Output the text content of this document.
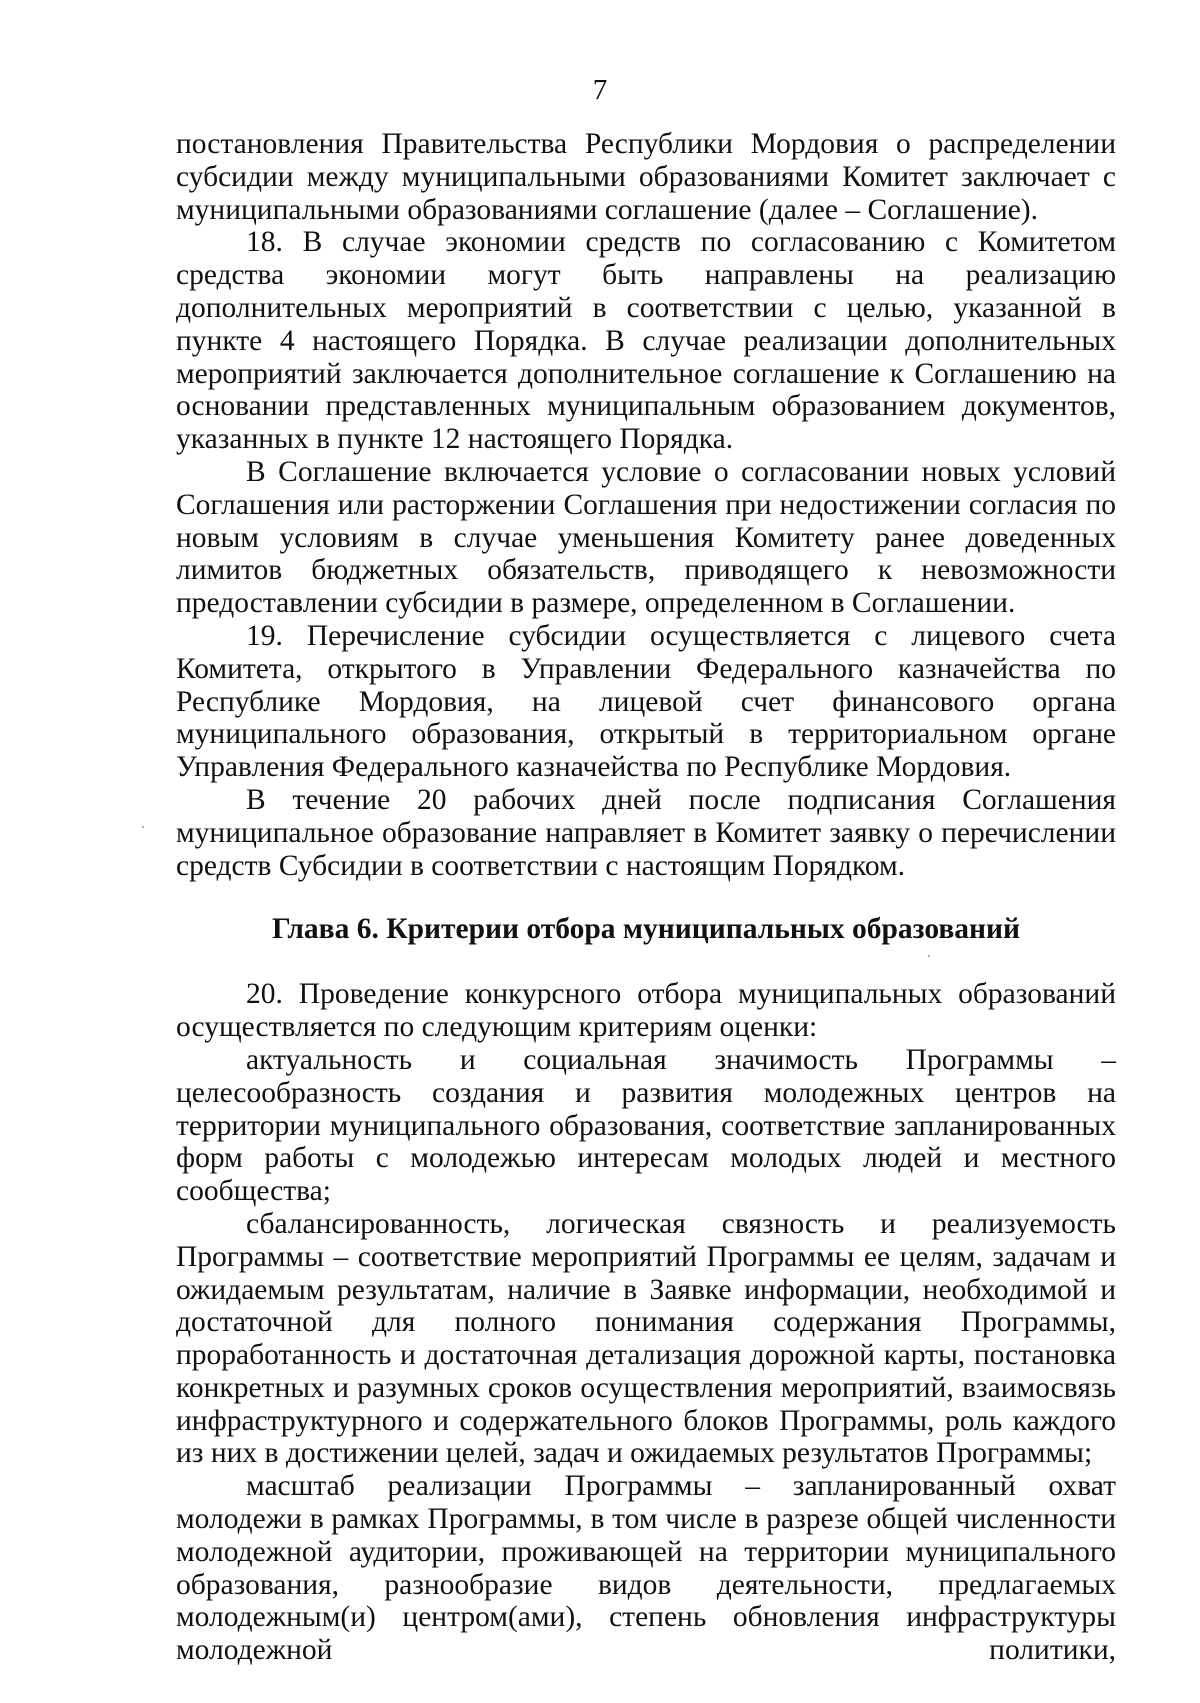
7

постановления Правительства Республики Мордовия о распределении субсидии между муниципальными образованиями Комитет заключает с муниципальными образованиями соглашение (далее – Соглашение).

18. В случае экономии средств по согласованию с Комитетом средства экономии могут быть направлены на реализацию дополнительных мероприятий в соответствии с целью, указанной в пункте 4 настоящего Порядка. В случае реализации дополнительных мероприятий заключается дополнительное соглашение к Соглашению на основании представленных муниципальным образованием документов, указанных в пункте 12 настоящего Порядка.

В Соглашение включается условие о согласовании новых условий Соглашения или расторжении Соглашения при недостижении согласия по новым условиям в случае уменьшения Комитету ранее доведенных лимитов бюджетных обязательств, приводящего к невозможности предоставлении субсидии в размере, определенном в Соглашении.

19. Перечисление субсидии осуществляется с лицевого счета Комитета, открытого в Управлении Федерального казначейства по Республике Мордовия, на лицевой счет финансового органа муниципального образования, открытый в территориальном органе Управления Федерального казначейства по Республике Мордовия.

В течение 20 рабочих дней после подписания Соглашения муниципальное образование направляет в Комитет заявку о перечислении средств Субсидии в соответствии с настоящим Порядком.

Глава 6. Критерии отбора муниципальных образований

20. Проведение конкурсного отбора муниципальных образований осуществляется по следующим критериям оценки:

актуальность и социальная значимость Программы – целесообразность создания и развития молодежных центров на территории муниципального образования, соответствие запланированных форм работы с молодежью интересам молодых людей и местного сообщества;

сбалансированность, логическая связность и реализуемость Программы – соответствие мероприятий Программы ее целям, задачам и ожидаемым результатам, наличие в Заявке информации, необходимой и достаточной для полного понимания содержания Программы, проработанность и достаточная детализация дорожной карты, постановка конкретных и разумных сроков осуществления мероприятий, взаимосвязь инфраструктурного и содержательного блоков Программы, роль каждого из них в достижении целей, задач и ожидаемых результатов Программы;

масштаб реализации Программы – запланированный охват молодежи в рамках Программы, в том числе в разрезе общей численности молодежной аудитории, проживающей на территории муниципального образования, разнообразие видов деятельности, предлагаемых молодежным(и) центром(ами), степень обновления инфраструктуры молодежной политики,
